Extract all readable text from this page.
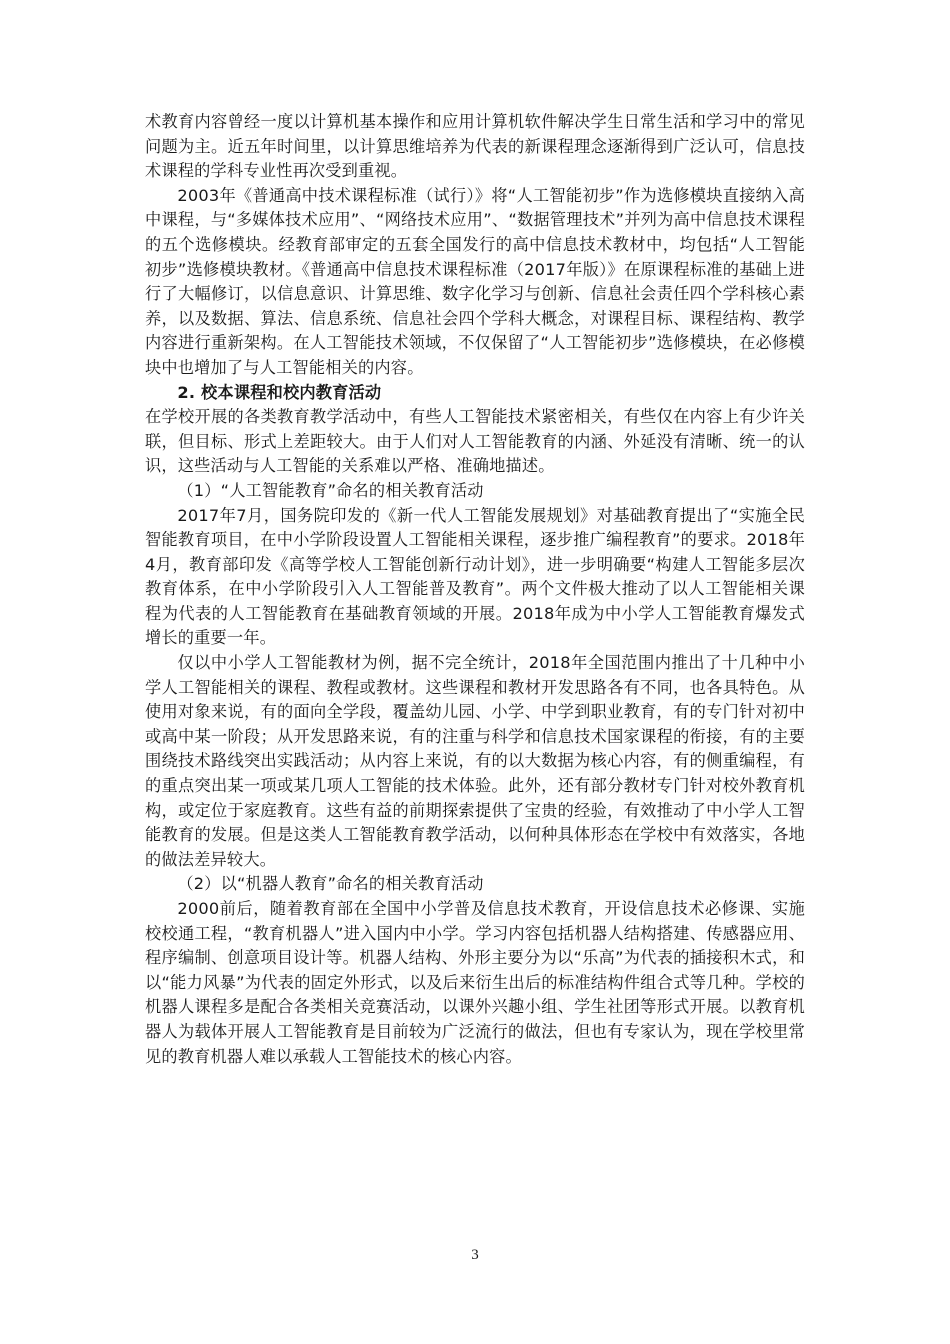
术教育内容曾经一度以计算机基本操作和应用计算机软件解决学生日常生活和学习中的常见问题为主。近五年时间里，以计算思维培养为代表的新课程理念逐渐得到广泛认可，信息技术课程的学科专业性再次受到重视。

2003年《普通高中技术课程标准（试行）》将“人工智能初步”作为选修模块直接纳入高中课程，与“多媒体技术应用”、“网络技术应用”、“数据管理技术”并列为高中信息技术课程的五个选修模块。经教育部审定的五套全国发行的高中信息技术教材中，均包括“人工智能初步”选修模块教材。《普通高中信息技术课程标准（2017年版）》在原课程标准的基础上进行了大幅修订，以信息意识、计算思维、数字化学习与创新、信息社会责任四个学科核心素养，以及数据、算法、信息系统、信息社会四个学科大概念，对课程目标、课程结构、教学内容进行重新架构。在人工智能技术领域，不仅保留了“人工智能初步”选修模块，在必修模块中也增加了与人工智能相关的内容。

2. 校本课程和校内教育活动

在学校开展的各类教育教学活动中，有些人工智能技术紧密相关，有些仅在内容上有少许关联，但目标、形式上差距较大。由于人们对人工智能教育的内涵、外延没有清晰、统一的认识，这些活动与人工智能的关系难以严格、准确地描述。

（1）“人工智能教育”命名的相关教育活动

2017年7月，国务院印发的《新一代人工智能发展规划》对基础教育提出了“实施全民智能教育项目，在中小学阶段设置人工智能相关课程，逐步推广编程教育”的要求。2018年4月，教育部印发《高等学校人工智能创新行动计划》，进一步明确要“构建人工智能多层次教育体系，在中小学阶段引入人工智能普及教育”。两个文件极大推动了以人工智能相关课程为代表的人工智能教育在基础教育领域的开展。2018年成为中小学人工智能教育爆发式增长的重要一年。

仅以中小学人工智能教材为例，据不完全统计，2018年全国范围内推出了十几种中小学人工智能相关的课程、教程或教材。这些课程和教材开发思路各有不同，也各具特色。从使用对象来说，有的面向全学段，覆盖幼儿园、小学、中学到职业教育，有的专门针对初中或高中某一阶段；从开发思路来说，有的注重与科学和信息技术国家课程的衔接，有的主要围绕技术路线突出实践活动；从内容上来说，有的以大数据为核心内容，有的侧重编程，有的重点突出某一项或某几项人工智能的技术体验。此外，还有部分教材专门针对校外教育机构，或定位于家庭教育。这些有益的前期探索提供了宝贵的经验，有效推动了中小学人工智能教育的发展。但是这类人工智能教育教学活动，以何种具体形态在学校中有效落实，各地的做法差异较大。

（2）以“机器人教育”命名的相关教育活动

2000前后，随着教育部在全国中小学普及信息技术教育，开设信息技术必修课、实施校校通工程，“教育机器人”进入国内中小学。学习内容包括机器人结构搭建、传感器应用、程序编制、创意项目设计等。机器人结构、外形主要分为以“乐高”为代表的插接积木式，和以“能力风暴”为代表的固定外形式，以及后来衍生出后的标准结构件组合式等几种。学校的机器人课程多是配合各类相关竞赛活动，以课外兴趣小组、学生社团等形式开展。以教育机器人为载体开展人工智能教育是目前较为广泛流行的做法，但也有专家认为，现在学校里常见的教育机器人难以承载人工智能技术的核心内容。

3
